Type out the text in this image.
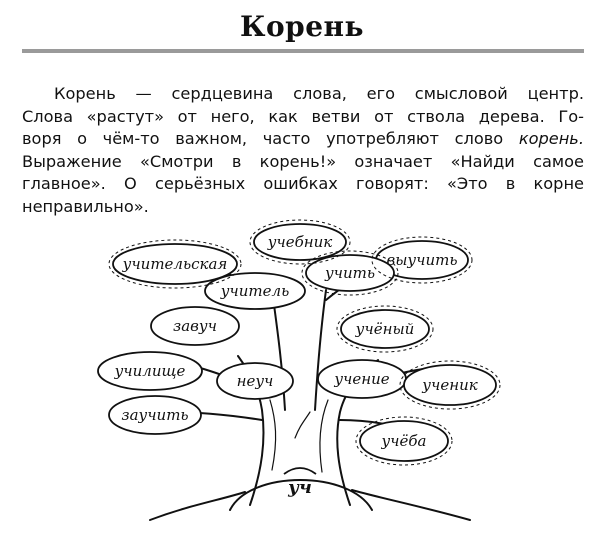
Корень
Корень — сердцевина слова, его смысловой центр.
Слова «растут» от него, как ветви от ствола дерева. Го-
воря о чём-то важном, часто употребляют слово корень.
Выражение «Смотри в корень!» означает «Найди самое
главное». О серьёзных ошибках говорят: «Это в корне
неправильно».
учебник
учительская	выучить
учитель
учить
завуч	учёный
училище
неуч	учение ученик
заучить
учёба
уч
